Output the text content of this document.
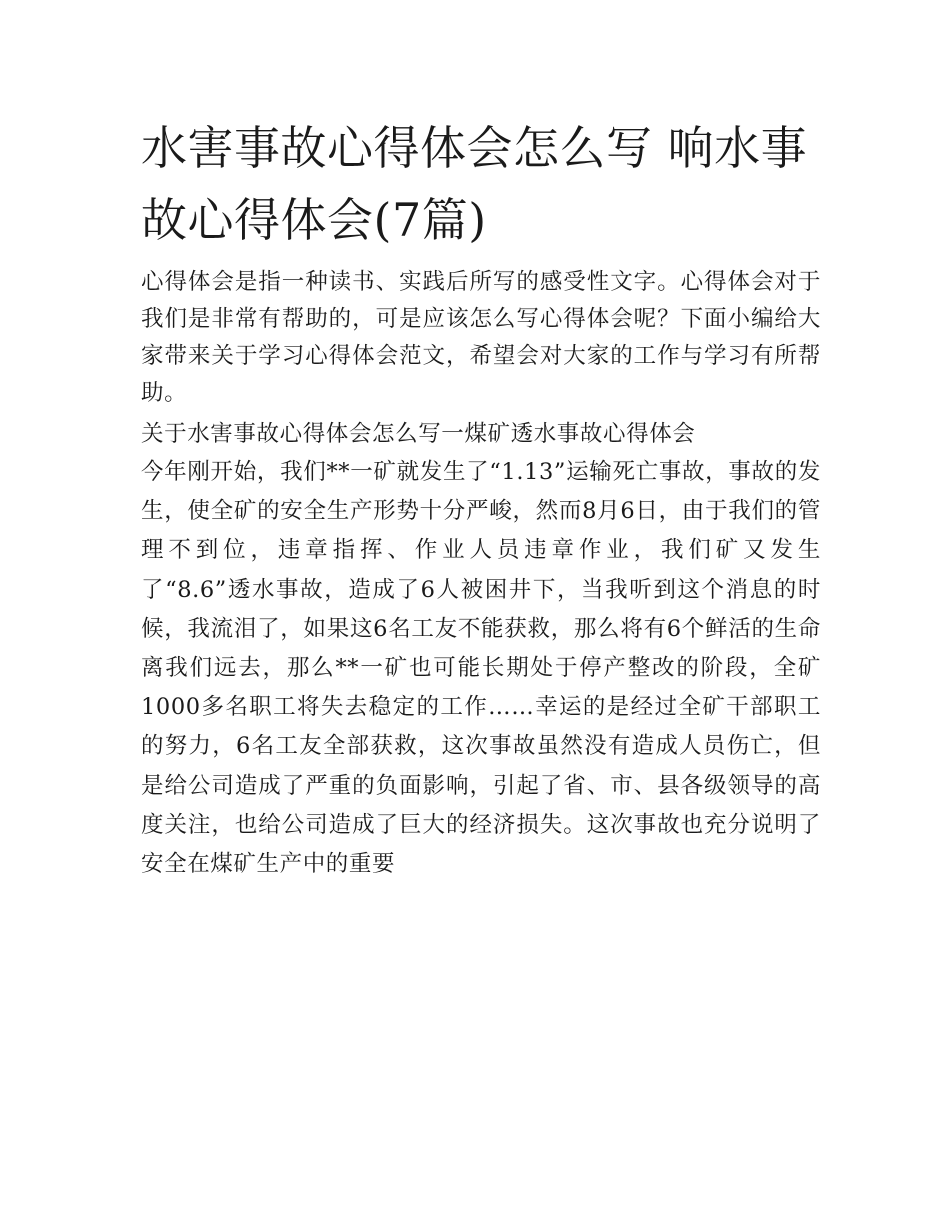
水害事故心得体会怎么写 响水事故心得体会(7篇)

心得体会是指一种读书、实践后所写的感受性文字。心得体会对于我们是非常有帮助的，可是应该怎么写心得体会呢？下面小编给大家带来关于学习心得体会范文，希望会对大家的工作与学习有所帮助。

关于水害事故心得体会怎么写一煤矿透水事故心得体会

今年刚开始，我们**一矿就发生了“1.13”运输死亡事故，事故的发生，使全矿的安全生产形势十分严峻，然而8月6日，由于我们的管理不到位，违章指挥、作业人员违章作业，我们矿又发生了“8.6”透水事故，造成了6人被困井下，当我听到这个消息的时候，我流泪了，如果这6名工友不能获救，那么将有6个鲜活的生命离我们远去，那么**一矿也可能长期处于停产整改的阶段，全矿1000多名职工将失去稳定的工作……幸运的是经过全矿干部职工的努力，6名工友全部获救，这次事故虽然没有造成人员伤亡，但是给公司造成了严重的负面影响，引起了省、市、县各级领导的高度关注，也给公司造成了巨大的经济损失。这次事故也充分说明了安全在煤矿生产中的重要
